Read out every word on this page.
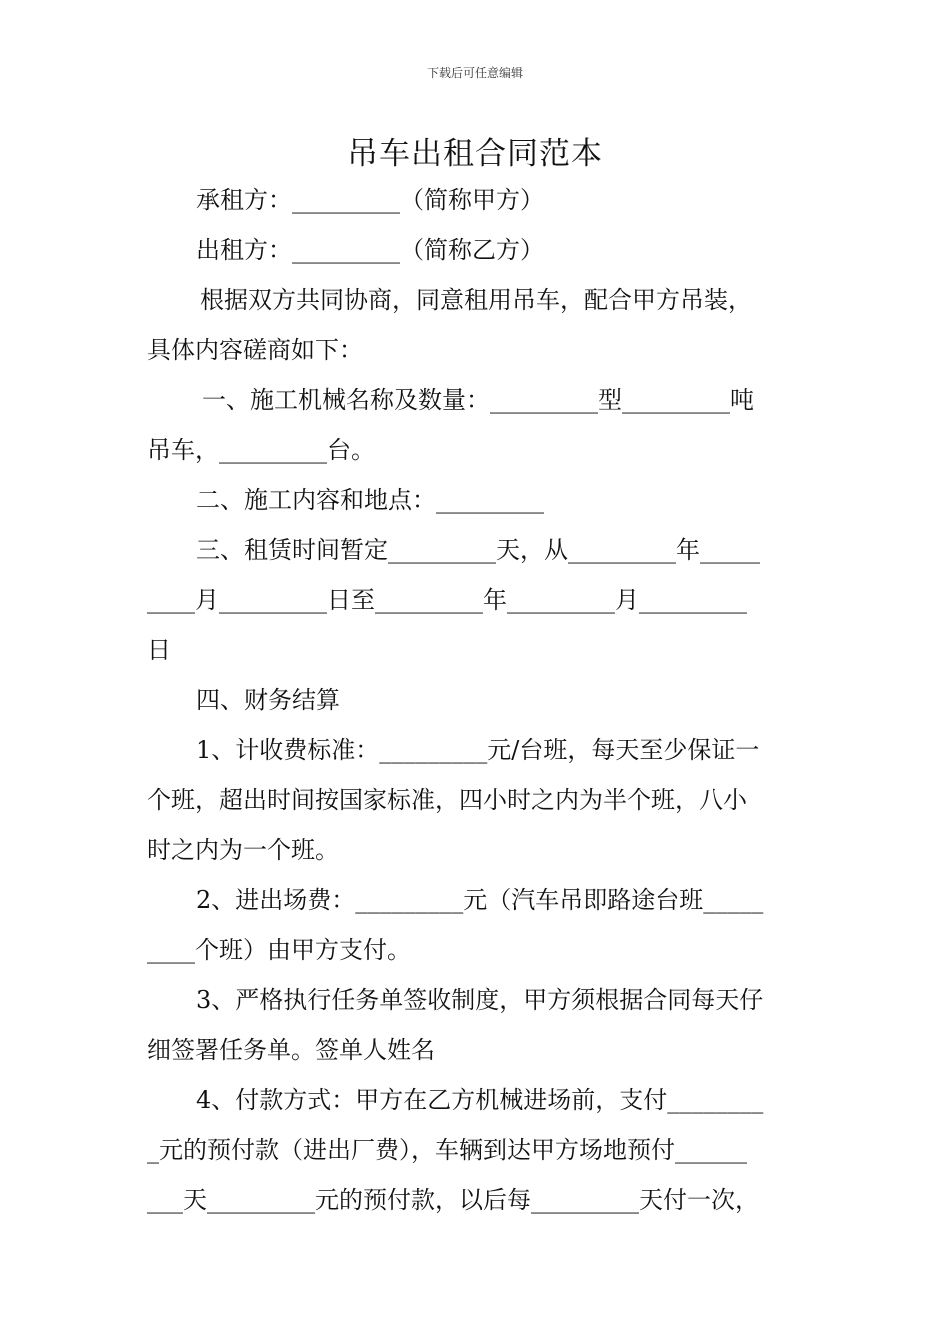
下载后可任意编辑
吊车出租合同范本
承租方：_________（简称甲方）
出租方：_________（简称乙方）
根据双方共同协商，同意租用吊车，配合甲方吊装，
具体内容磋商如下：
一、施工机械名称及数量：_________型_________吨
吊车，_________台。
二、施工内容和地点：_________
三、租赁时间暂定_________天，从_________年_____
____月_________日至_________年_________月_________
日
四、财务结算
1、计收费标准：_________元/台班，每天至少保证一
个班，超出时间按国家标准，四小时之内为半个班，八小
时之内为一个班。
2、进出场费：_________元（汽车吊即路途台班_____
____个班）由甲方支付。
3、严格执行任务单签收制度，甲方须根据合同每天仔
细签署任务单。签单人姓名
4、付款方式：甲方在乙方机械进场前，支付________
_元的预付款（进出厂费），车辆到达甲方场地预付______
___天_________元的预付款，以后每_________天付一次，
